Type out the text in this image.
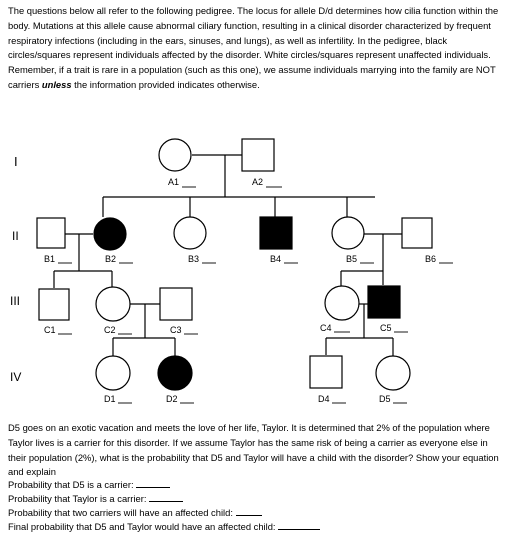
The questions below all refer to the following pedigree. The locus for allele D/d determines how cilia function within the body. Mutations at this allele cause abnormal ciliary function, resulting in a clinical disorder characterized by frequent respiratory infections (including in the ears, sinuses, and lungs), as well as infertility. In the pedigree, black circles/squares represent individuals affected by the disorder. White circles/squares represent unaffected individuals. Remember, if a trait is rare in a population (such as this one), we assume individuals marrying into the family are NOT carriers unless the information provided indicates otherwise.

I
II
III
IV
A1	A2
B1	B2	B3	B4	B5	B6
C1	C2	C3	C4	C5
D1	D2	D4	D5

D5 goes on an exotic vacation and meets the love of her life, Taylor. It is determined that 2% of the population where Taylor lives is a carrier for this disorder. If we assume Taylor has the same risk of being a carrier as everyone else in their population (2%), what is the probability that D5 and Taylor will have a child with the disorder? Show your equation and explain

Probability that D5 is a carrier:
Probability that Taylor is a carrier:
Probability that two carriers will have an affected child:
Final probability that D5 and Taylor would have an affected child:
